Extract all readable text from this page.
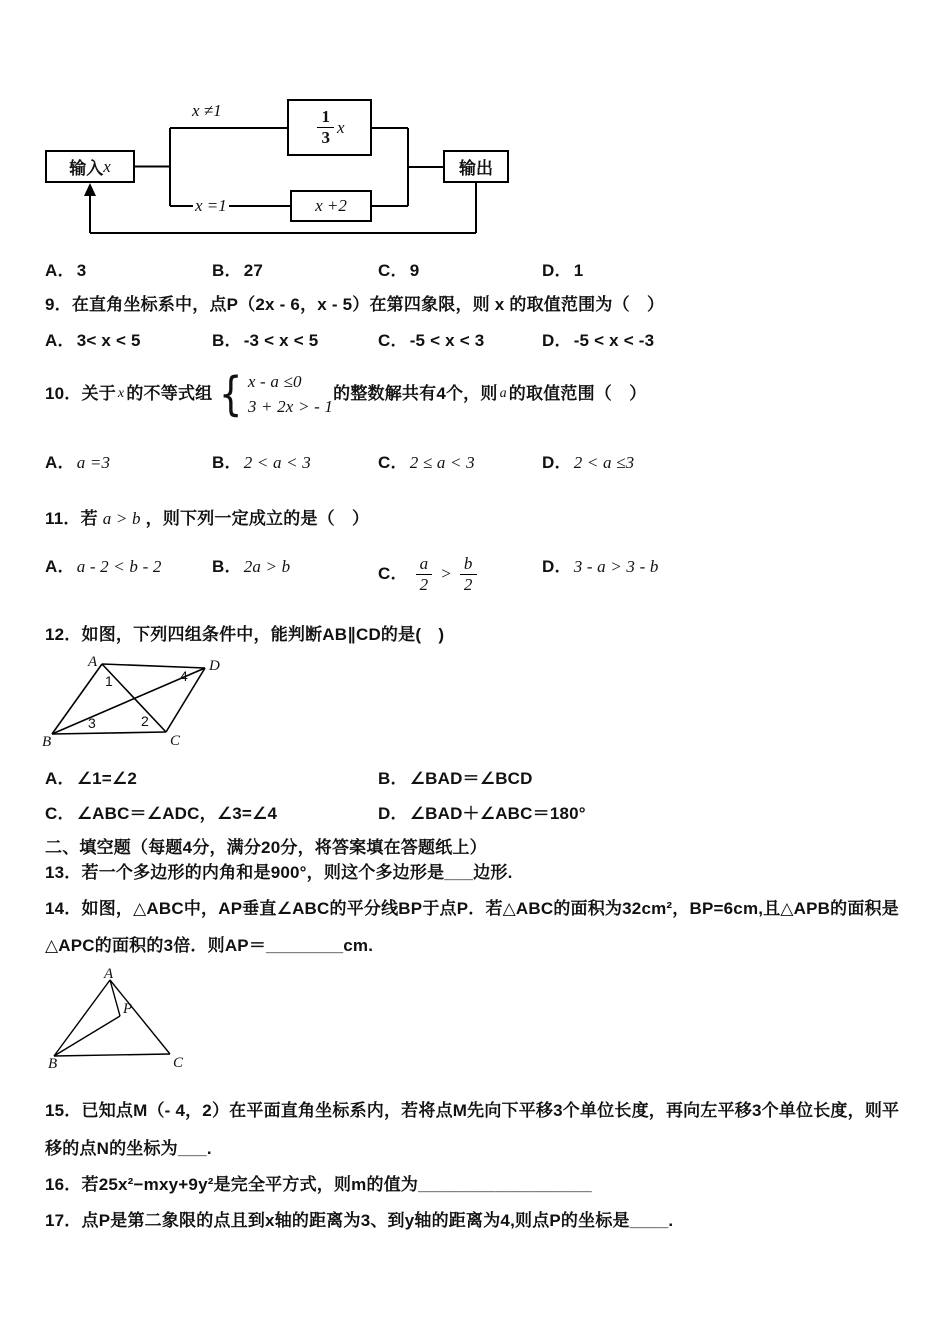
输入 x
$\frac{1}{3}$ x
x +2
输出
x ≠1
x =1
A． 3	B． 27	C． 9	D． 1
9．在直角坐标系中，点P（2x - 6，x - 5）在第四象限，则 x 的取值范围为（　）
A． 3< x < 5	B． -3 < x < 5	C． -5 < x < 3	D． -5 < x < -3
10．关于 x 的不等式组 { x - a ≤0
3 + 2x > - 1
的整数解共有4个，则 a 的取值范围（　）
A． a =3	B． 2 < a < 3	C． 2 ≤ a < 3	D． 2 < a ≤3
11．若 a > b ，则下列一定成立的是（　）
A． a - 2 < b - 2	B． 2a > b	C． $\frac{a}{2} > \frac{b}{2}$	D． 3 - a > 3 - b
12．如图，下列四组条件中，能判断AB∥CD的是(　)
A	D
B	C
1	4
3	2
A． ∠1=∠2	B． ∠BAD＝∠BCD
C． ∠ABC＝∠ADC，∠3=∠4	D． ∠BAD＋∠ABC＝180°
二、填空题（每题4分，满分20分，将答案填在答题纸上）
13．若一个多边形的内角和是900°，则这个多边形是___边形.
14．如图，△ABC中，AP垂直∠ABC的平分线BP于点P．若△ABC的面积为32cm²，BP=6cm,且△APB的面积是
△APC的面积的3倍．则AP＝________cm.
A
P
B	C
15．已知点M（- 4，2）在平面直角坐标系内，若将点M先向下平移3个单位长度，再向左平移3个单位长度，则平
移的点N的坐标为___.
16．若25x²−mxy+9y²是完全平方式，则m的值为__________________
17．点P是第二象限的点且到x轴的距离为3、到y轴的距离为4,则点P的坐标是____.
